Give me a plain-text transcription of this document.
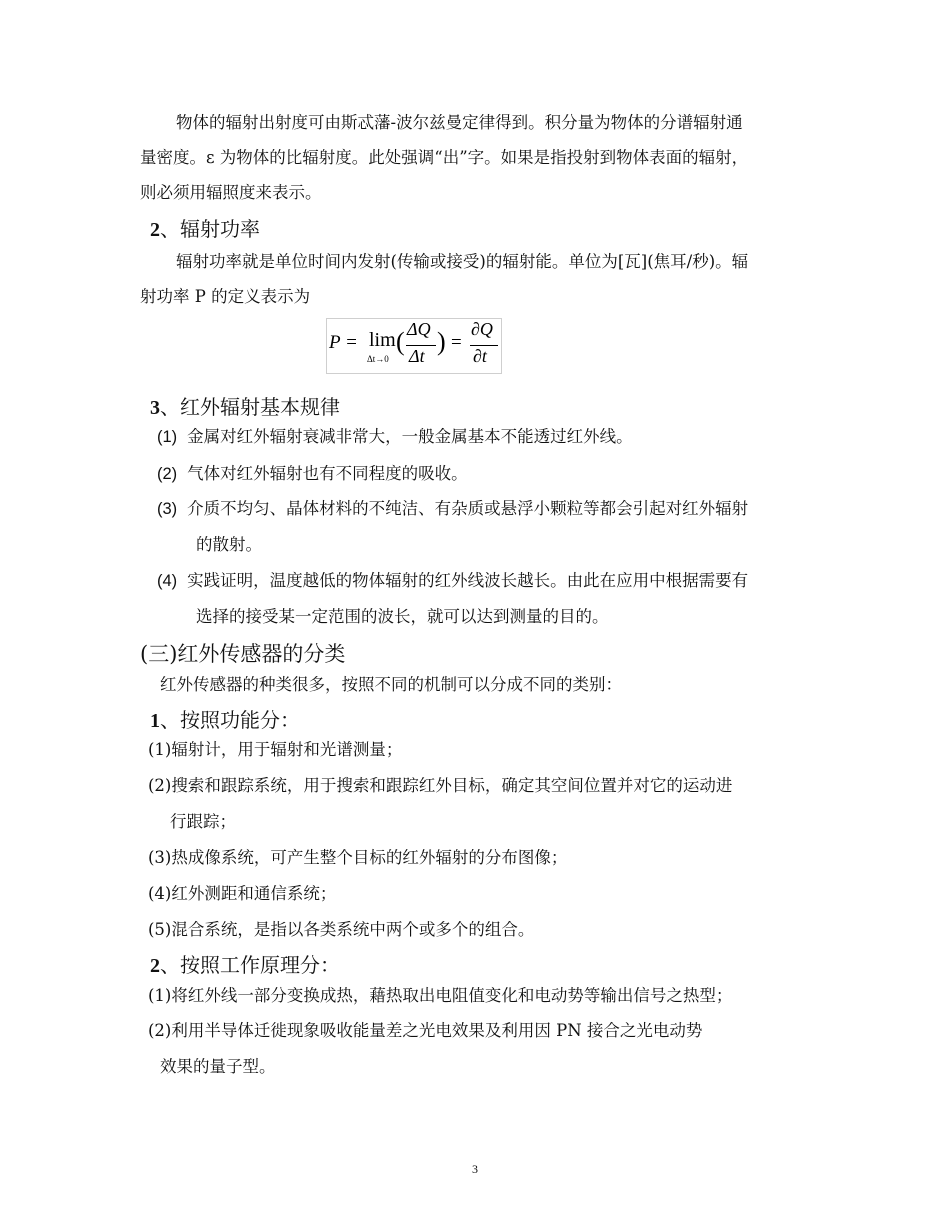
物体的辐射出射度可由斯忒藩-波尔兹曼定律得到。积分量为物体的分谱辐射通
量密度。ε 为物体的比辐射度。此处强调“出”字。如果是指投射到物体表面的辐射，
则必须用辐照度来表示。
2、辐射功率
辐射功率就是单位时间内发射(传输或接受)的辐射能。单位为[瓦](焦耳/秒)。辐
射功率 P 的定义表示为
P = lim
Δt→0
( ΔQ
Δt ) =
∂Q
∂t
3、红外辐射基本规律
(1) 金属对红外辐射衰减非常大，一般金属基本不能透过红外线。
(2) 气体对红外辐射也有不同程度的吸收。
(3) 介质不均匀、晶体材料的不纯洁、有杂质或悬浮小颗粒等都会引起对红外辐射
的散射。
(4) 实践证明，温度越低的物体辐射的红外线波长越长。由此在应用中根据需要有
选择的接受某一定范围的波长，就可以达到测量的目的。
(三)红外传感器的分类
红外传感器的种类很多，按照不同的机制可以分成不同的类别：
1、按照功能分：
(1)辐射计，用于辐射和光谱测量；
(2)搜索和跟踪系统，用于搜索和跟踪红外目标，确定其空间位置并对它的运动进
行跟踪；
(3)热成像系统，可产生整个目标的红外辐射的分布图像；
(4)红外测距和通信系统；
(5)混合系统，是指以各类系统中两个或多个的组合。
2、按照工作原理分：
(1)将红外线一部分变换成热，藉热取出电阻值变化和电动势等输出信号之热型；
(2)利用半导体迁徙现象吸收能量差之光电效果及利用因 PN 接合之光电动势
效果的量子型。
3
